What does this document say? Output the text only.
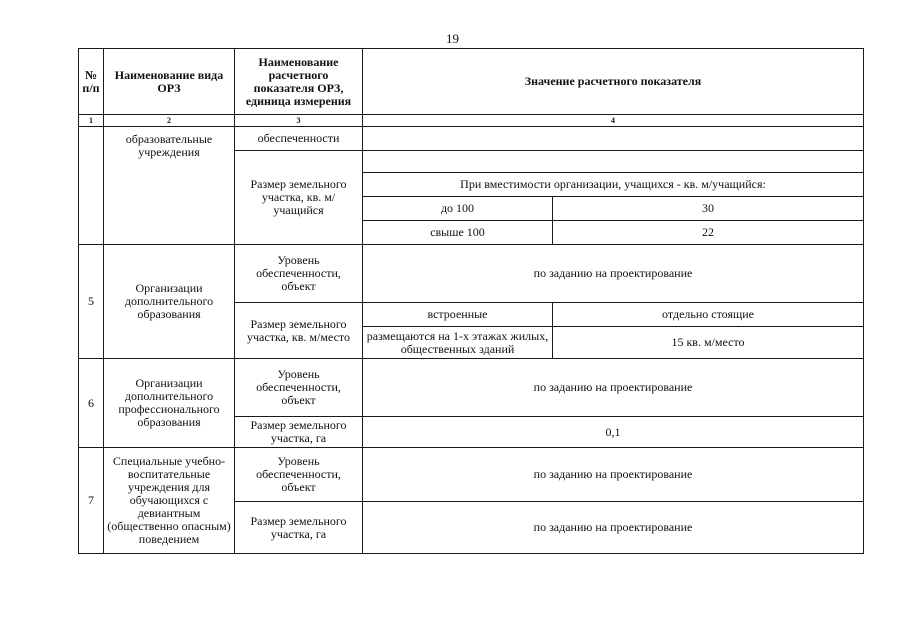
19
№ п/п	Наименование вида ОРЗ	Наименование расчетного показателя ОРЗ, единица измерения	Значение расчетного показателя	
1	2	3	4	
	образовательные учреждения	обеспеченности		
		Размер земельного участка, кв. м/учащийся		
			При вместимости организации, учащихся - кв. м/учащийся:	
			до 100	30
			свыше 100	22
5	Организации дополнительного образования	Уровень обеспеченности, объект	по заданию на проектирование	
		Размер земельного участка, кв. м/место	встроенные	отдельно стоящие
			размещаются на 1-х этажах жилых, общественных зданий	15 кв. м/место
6	Организации дополнительного профессионального образования	Уровень обеспеченности, объект	по заданию на проектирование	
		Размер земельного участка, га	0,1	
7	Специальные учебно-воспитательные учреждения для обучающихся с девиантным (общественно опасным) поведением	Уровень обеспеченности, объект	по заданию на проектирование	
		Размер земельного участка, га	по заданию на проектирование	
